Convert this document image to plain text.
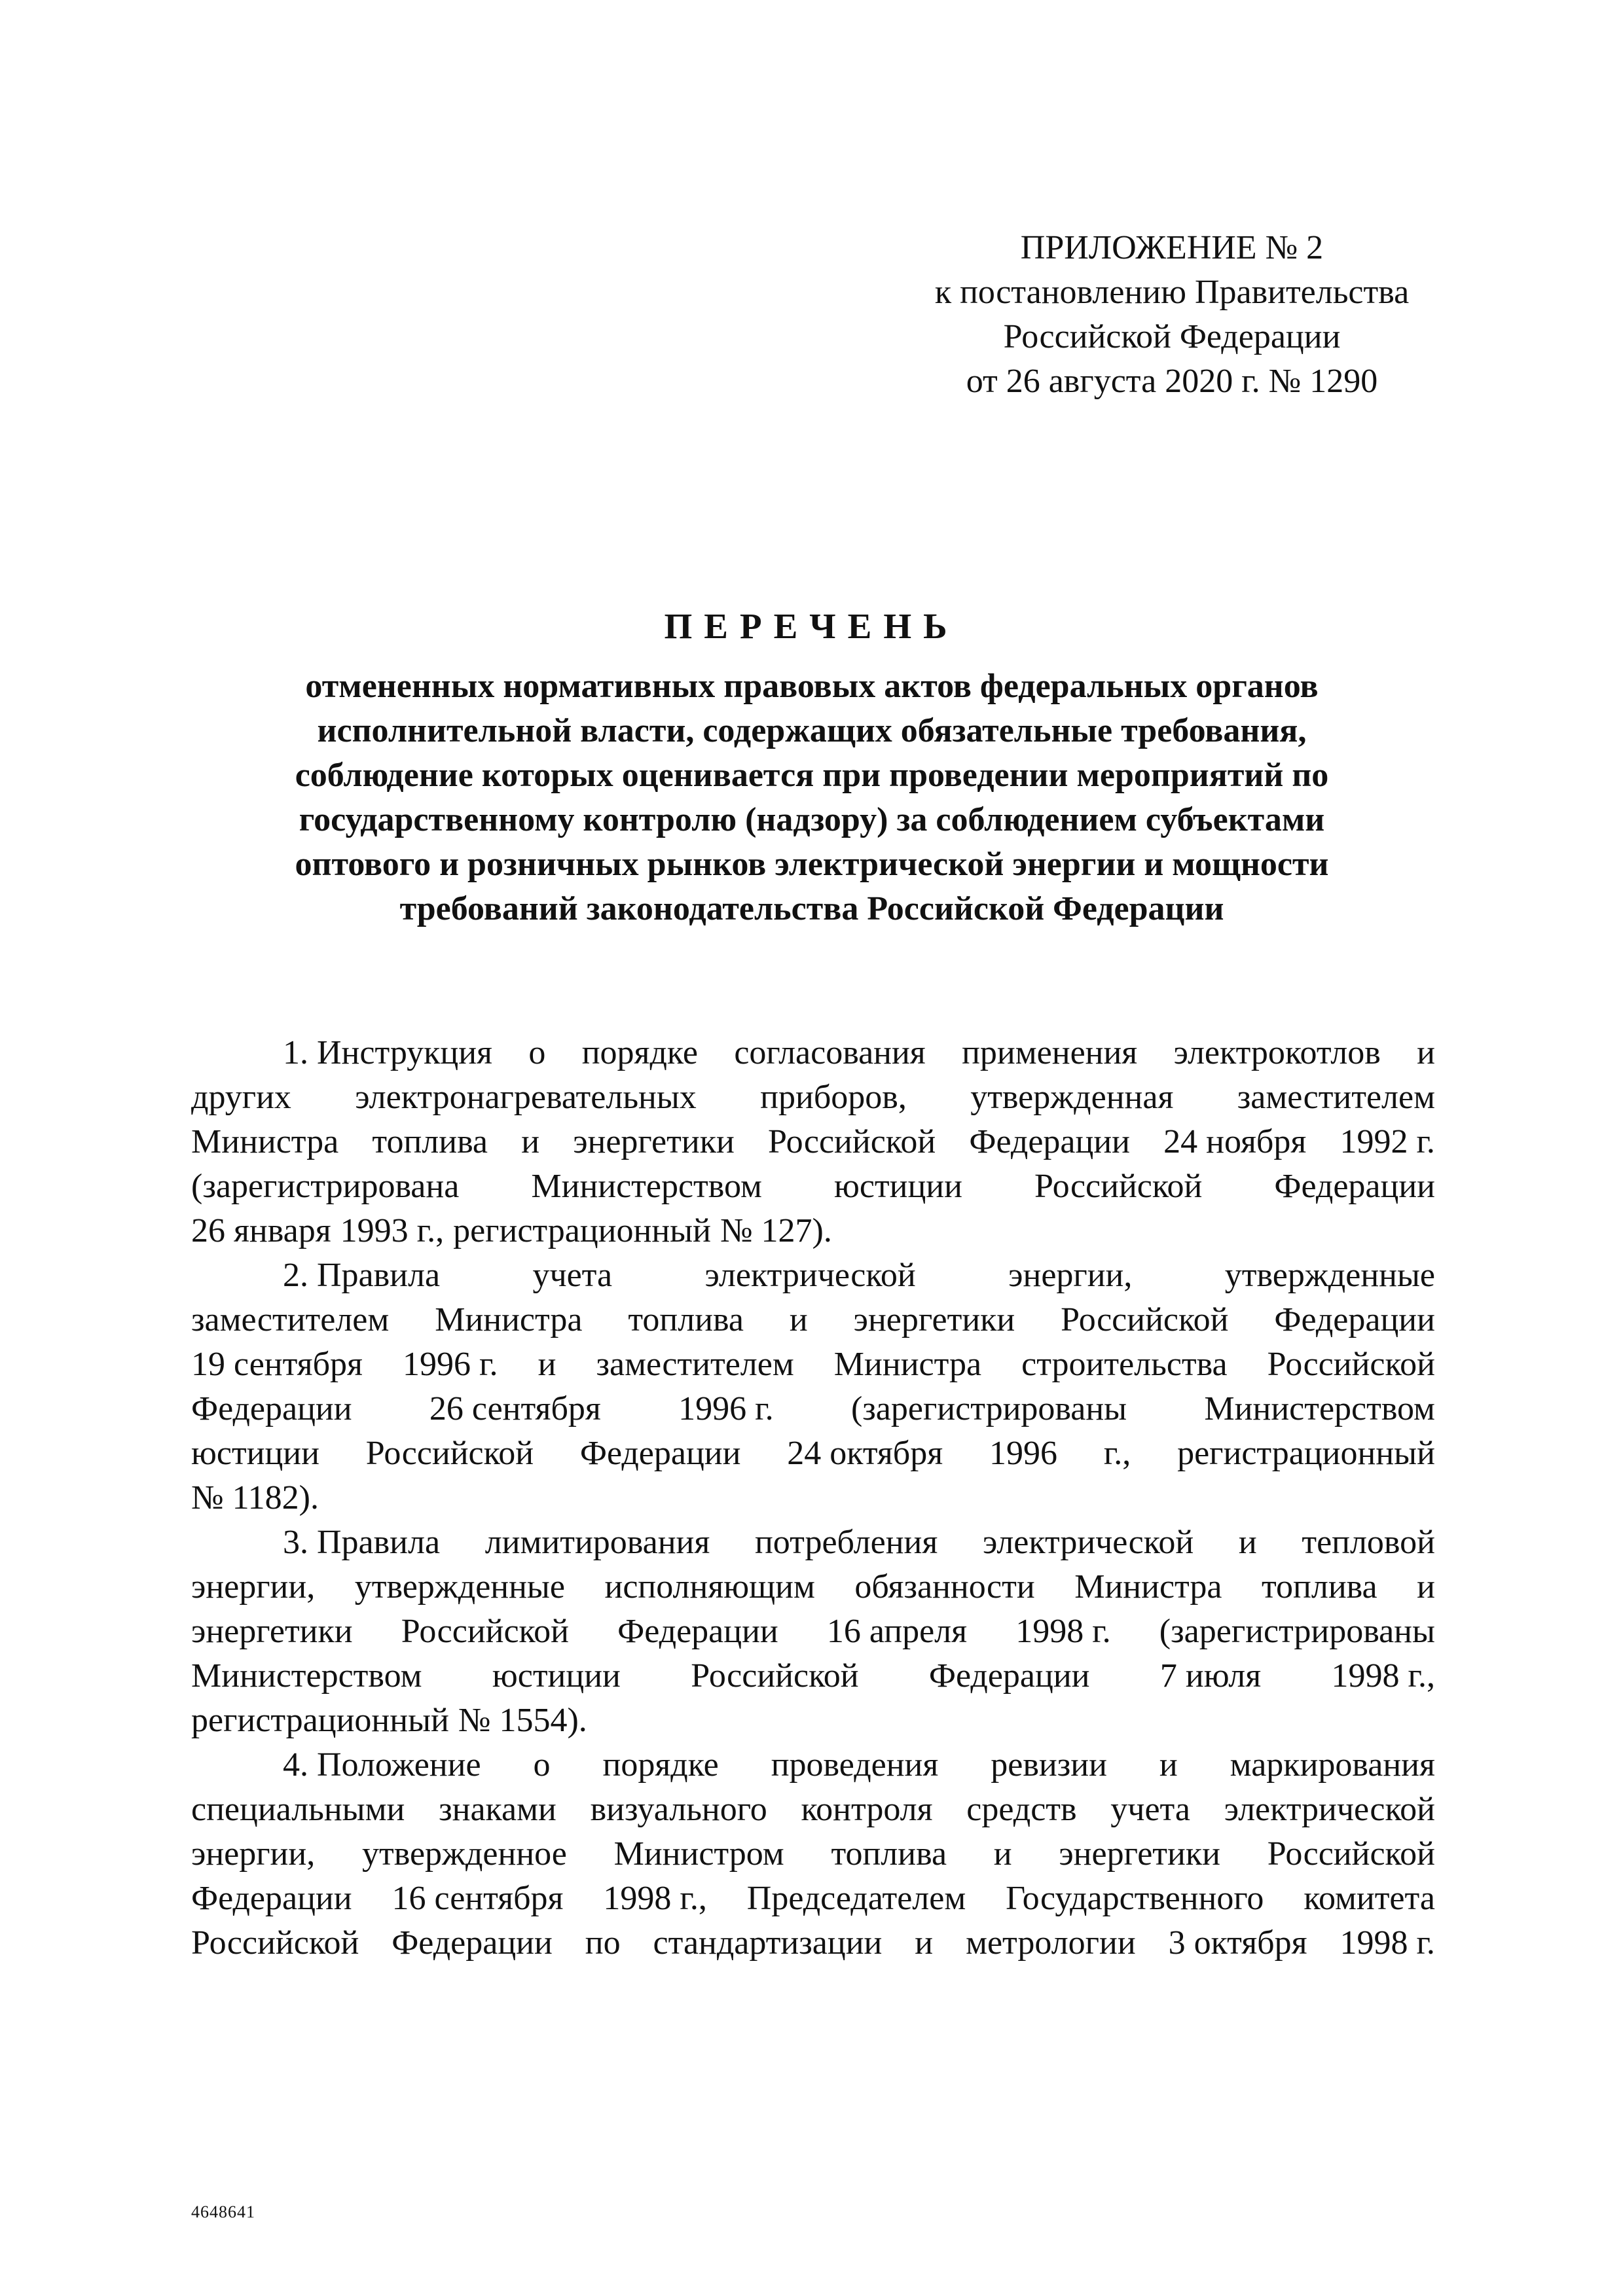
ПРИЛОЖЕНИЕ № 2
к постановлению Правительства
Российской Федерации
от 26 августа 2020 г. № 1290
ПЕРЕЧЕНЬ
отмененных нормативных правовых актов федеральных органов
исполнительной власти, содержащих обязательные требования,
соблюдение которых оценивается при проведении мероприятий по
государственному контролю (надзору) за соблюдением субъектами
оптового и розничных рынков электрической энергии и мощности
требований законодательства Российской Федерации
1. Инструкция о порядке согласования применения электрокотлов и
других электронагревательных приборов, утвержденная заместителем
Министра топлива и энергетики Российской Федерации 24 ноября 1992 г.
(зарегистрирована Министерством юстиции Российской Федерации
26 января 1993 г., регистрационный № 127).
2. Правила	учета	электрической	энергии,	утвержденные
заместителем Министра топлива и энергетики Российской Федерации
19 сентября 1996 г. и заместителем Министра строительства Российской
Федерации 26 сентября 1996 г. (зарегистрированы Министерством
юстиции Российской Федерации 24 октября 1996 г., регистрационный
№ 1182).
3. Правила лимитирования потребления электрической и тепловой
энергии, утвержденные исполняющим обязанности Министра топлива и
энергетики Российской Федерации 16 апреля 1998 г. (зарегистрированы
Министерством юстиции Российской Федерации 7 июля 1998 г.,
регистрационный № 1554).
4. Положение о порядке проведения ревизии и маркирования
специальными знаками визуального контроля средств учета электрической
энергии, утвержденное Министром топлива и энергетики Российской
Федерации 16 сентября 1998 г., Председателем Государственного комитета
Российской Федерации по стандартизации и метрологии 3 октября 1998 г.
4648641
